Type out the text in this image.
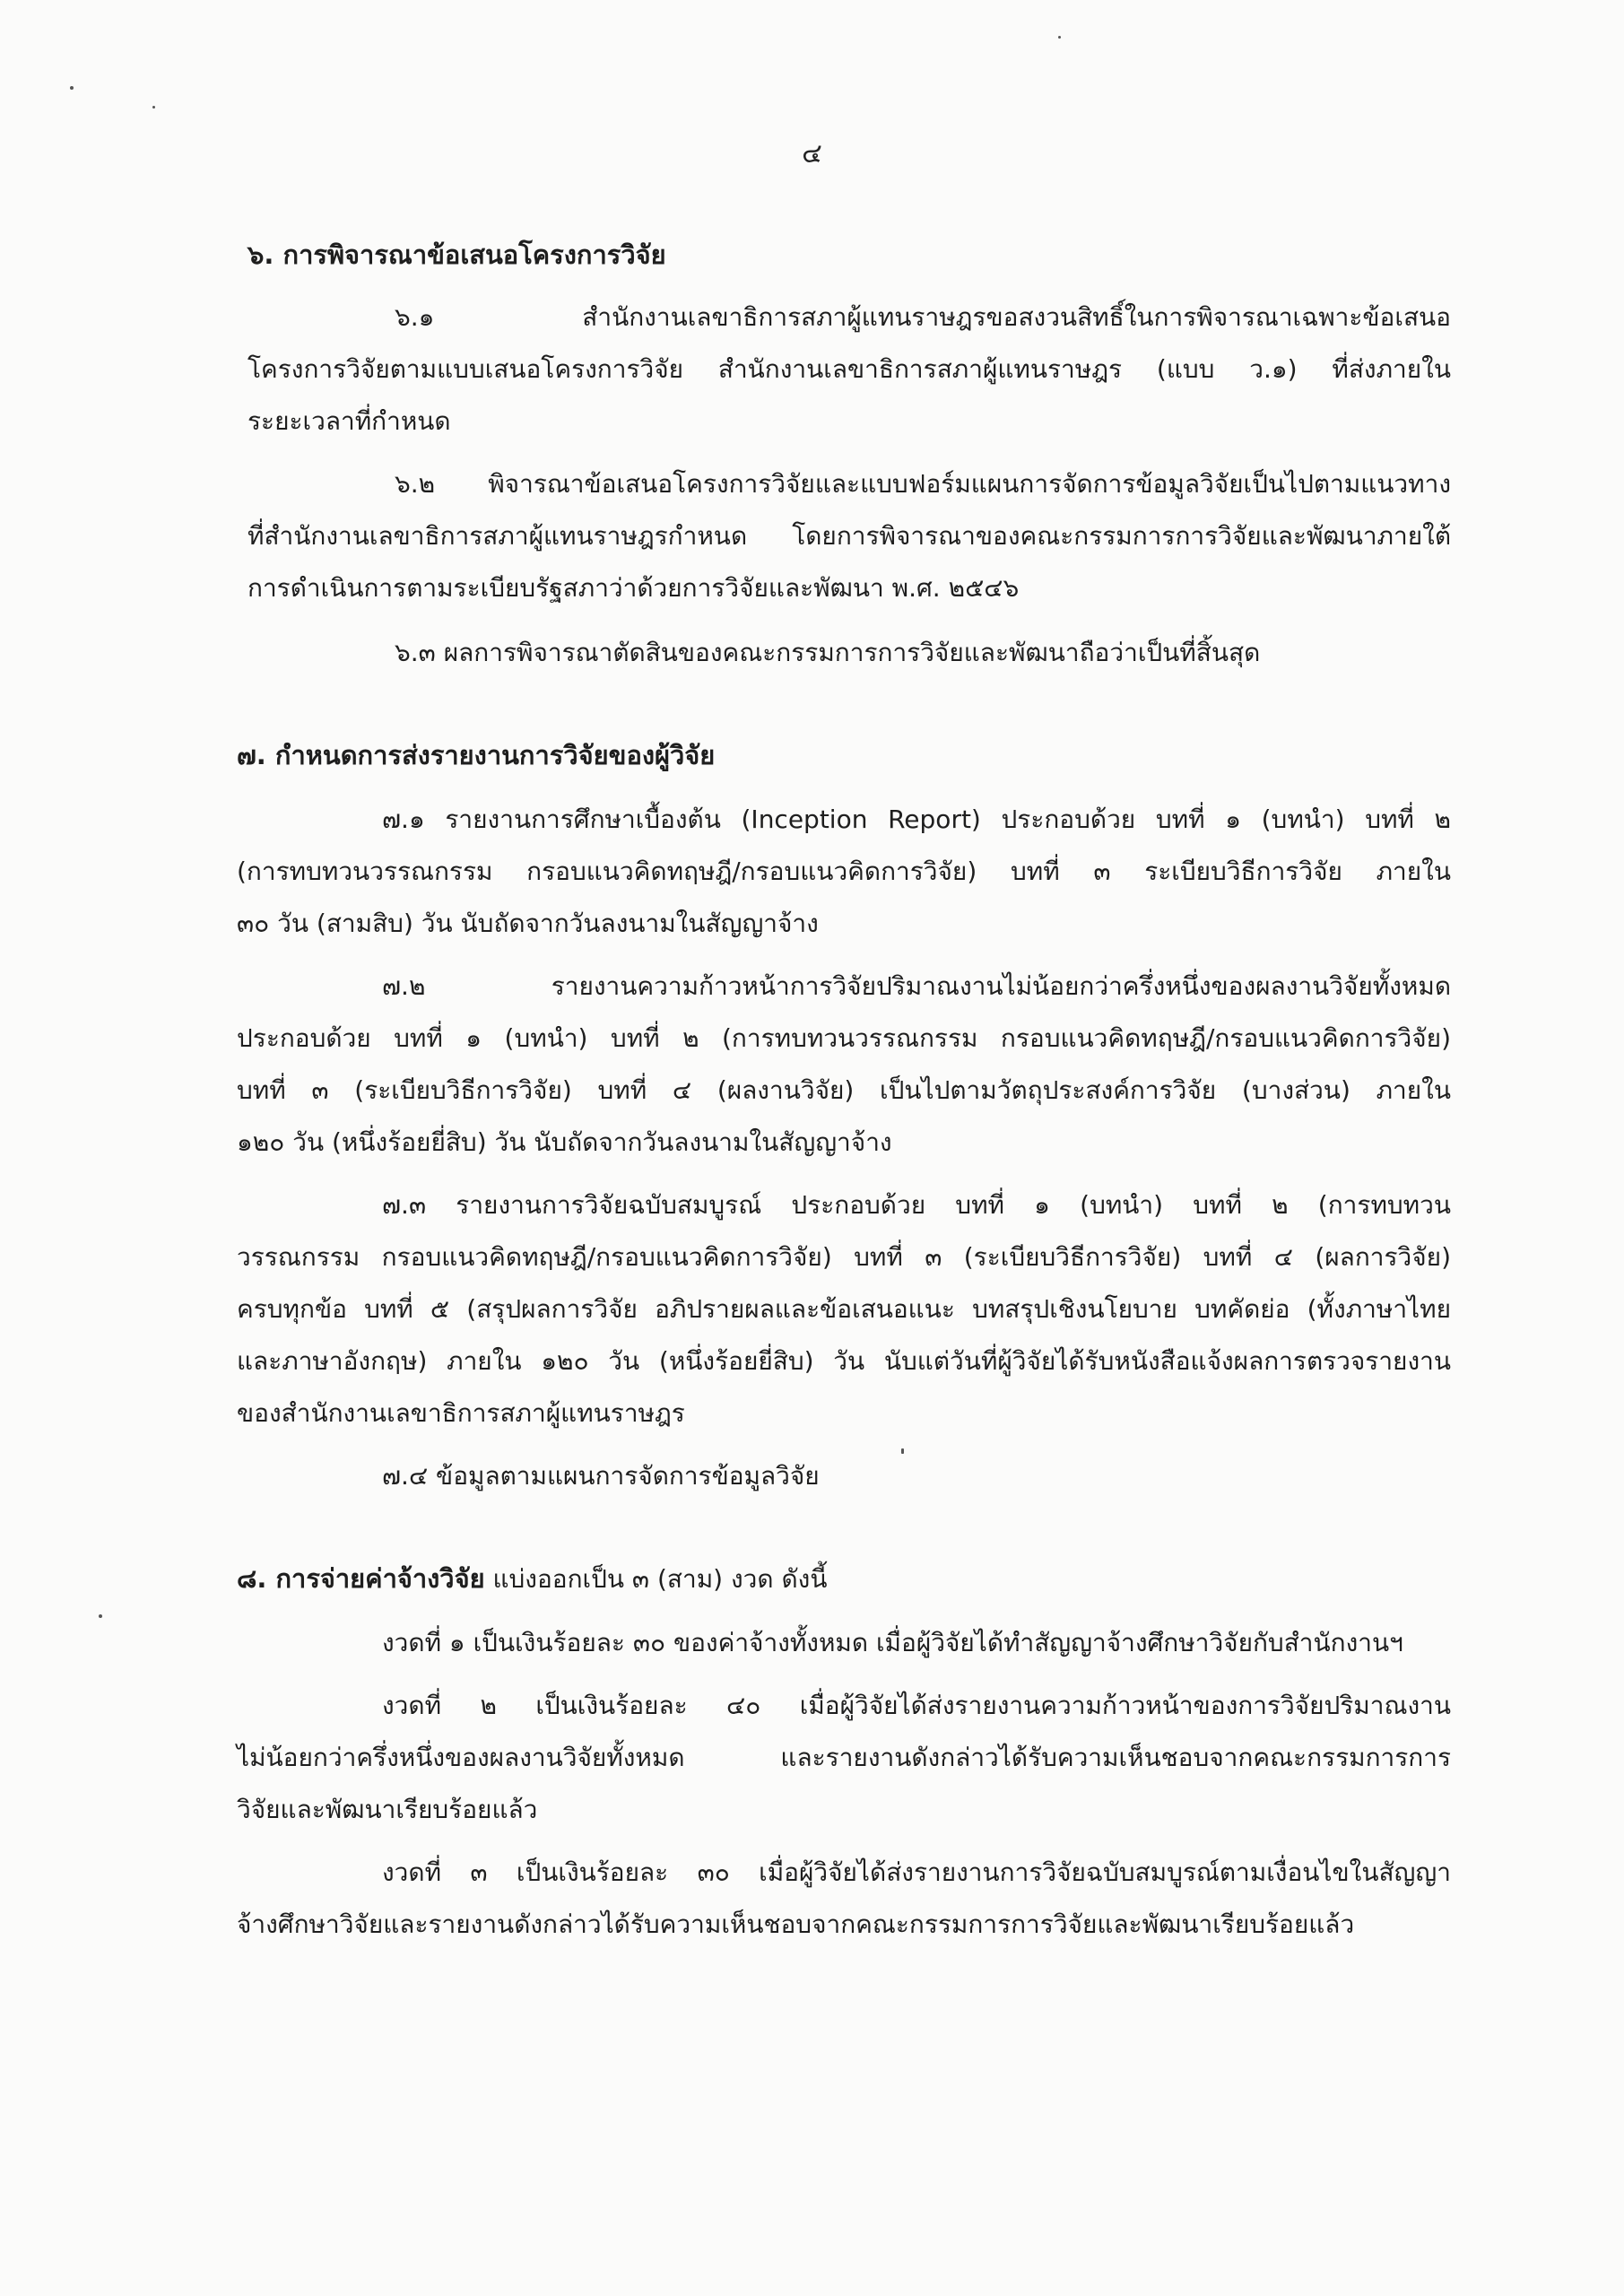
๔
๖. การพิจารณาข้อเสนอโครงการวิจัย
๖.๑ สำนักงานเลขาธิการสภาผู้แทนราษฎรขอสงวนสิทธิ์ในการพิจารณาเฉพาะข้อเสนอ
โครงการวิจัยตามแบบเสนอโครงการวิจัย สำนักงานเลขาธิการสภาผู้แทนราษฎร (แบบ ว.๑) ที่ส่งภายใน
ระยะเวลาที่กำหนด
๖.๒ พิจารณาข้อเสนอโครงการวิจัยและแบบฟอร์มแผนการจัดการข้อมูลวิจัยเป็นไปตามแนวทาง
ที่สำนักงานเลขาธิการสภาผู้แทนราษฎรกำหนด โดยการพิจารณาของคณะกรรมการการวิจัยและพัฒนาภายใต้
การดำเนินการตามระเบียบรัฐสภาว่าด้วยการวิจัยและพัฒนา พ.ศ. ๒๕๔๖
๖.๓ ผลการพิจารณาตัดสินของคณะกรรมการการวิจัยและพัฒนาถือว่าเป็นที่สิ้นสุด
๗. กำหนดการส่งรายงานการวิจัยของผู้วิจัย
๗.๑ รายงานการศึกษาเบื้องต้น (Inception Report) ประกอบด้วย บทที่ ๑ (บทนำ) บทที่ ๒
(การทบทวนวรรณกรรม กรอบแนวคิดทฤษฎี/กรอบแนวคิดการวิจัย) บทที่ ๓ ระเบียบวิธีการวิจัย ภายใน
๓๐ วัน (สามสิบ) วัน นับถัดจากวันลงนามในสัญญาจ้าง
๗.๒ รายงานความก้าวหน้าการวิจัยปริมาณงานไม่น้อยกว่าครึ่งหนึ่งของผลงานวิจัยทั้งหมด
ประกอบด้วย บทที่ ๑ (บทนำ) บทที่ ๒ (การทบทวนวรรณกรรม กรอบแนวคิดทฤษฎี/กรอบแนวคิดการวิจัย)
บทที่ ๓ (ระเบียบวิธีการวิจัย) บทที่ ๔ (ผลงานวิจัย) เป็นไปตามวัตถุประสงค์การวิจัย (บางส่วน) ภายใน
๑๒๐ วัน (หนึ่งร้อยยี่สิบ) วัน นับถัดจากวันลงนามในสัญญาจ้าง
๗.๓ รายงานการวิจัยฉบับสมบูรณ์ ประกอบด้วย บทที่ ๑ (บทนำ) บทที่ ๒ (การทบทวน
วรรณกรรม กรอบแนวคิดทฤษฎี/กรอบแนวคิดการวิจัย) บทที่ ๓ (ระเบียบวิธีการวิจัย) บทที่ ๔ (ผลการวิจัย)
ครบทุกข้อ บทที่ ๕ (สรุปผลการวิจัย อภิปรายผลและข้อเสนอแนะ บทสรุปเชิงนโยบาย บทคัดย่อ (ทั้งภาษาไทย
และภาษาอังกฤษ) ภายใน ๑๒๐ วัน (หนึ่งร้อยยี่สิบ) วัน นับแต่วันที่ผู้วิจัยได้รับหนังสือแจ้งผลการตรวจรายงาน
ของสำนักงานเลขาธิการสภาผู้แทนราษฎร
๗.๔ ข้อมูลตามแผนการจัดการข้อมูลวิจัย
๘. การจ่ายค่าจ้างวิจัย แบ่งออกเป็น ๓ (สาม) งวด ดังนี้
งวดที่ ๑ เป็นเงินร้อยละ ๓๐ ของค่าจ้างทั้งหมด เมื่อผู้วิจัยได้ทำสัญญาจ้างศึกษาวิจัยกับสำนักงานฯ
งวดที่ ๒ เป็นเงินร้อยละ ๔๐ เมื่อผู้วิจัยได้ส่งรายงานความก้าวหน้าของการวิจัยปริมาณงาน
ไม่น้อยกว่าครึ่งหนึ่งของผลงานวิจัยทั้งหมด และรายงานดังกล่าวได้รับความเห็นชอบจากคณะกรรมการการ
วิจัยและพัฒนาเรียบร้อยแล้ว
งวดที่ ๓ เป็นเงินร้อยละ ๓๐ เมื่อผู้วิจัยได้ส่งรายงานการวิจัยฉบับสมบูรณ์ตามเงื่อนไขในสัญญา
จ้างศึกษาวิจัยและรายงานดังกล่าวได้รับความเห็นชอบจากคณะกรรมการการวิจัยและพัฒนาเรียบร้อยแล้ว
